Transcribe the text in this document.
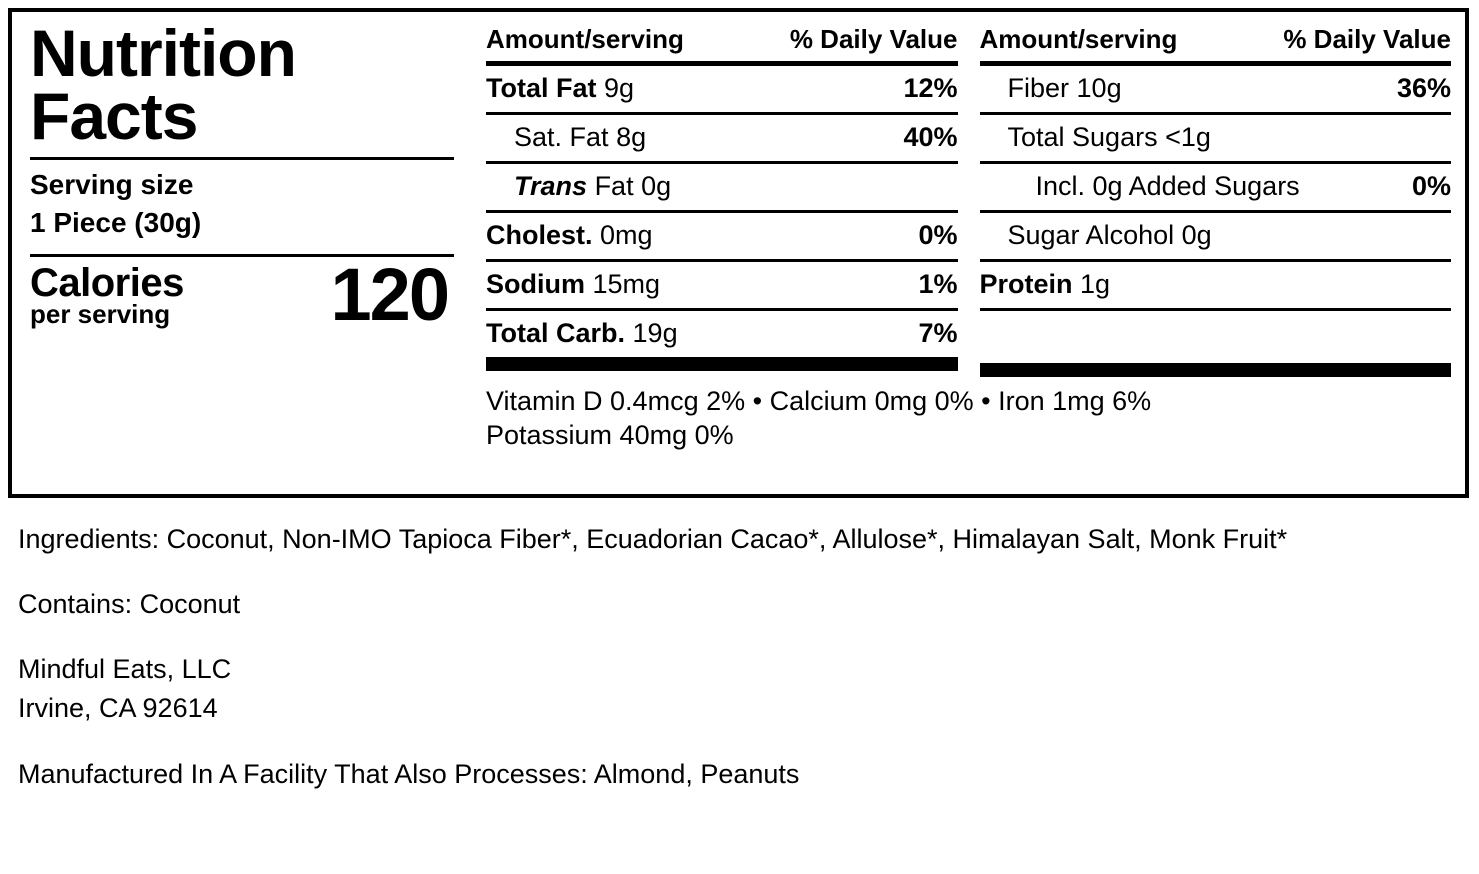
Nutrition Facts
Serving size
1 Piece (30g)
Calories
per serving 120
Amount/serving	% Daily Value
Total Fat 9g	12%
Sat. Fat 8g	40%
Trans Fat 0g
Cholest. 0mg	0%
Sodium 15mg	1%
Total Carb. 19g	7%
Amount/serving	% Daily Value
Fiber 10g	36%
Total Sugars <1g
Incl. 0g Added Sugars	0%
Sugar Alcohol 0g
Protein 1g
Vitamin D 0.4mcg 2% • Calcium 0mg 0% • Iron 1mg 6%
Potassium 40mg 0%
Ingredients: Coconut, Non-IMO Tapioca Fiber*, Ecuadorian Cacao*, Allulose*, Himalayan Salt, Monk Fruit*
Contains: Coconut
Mindful Eats, LLC
Irvine, CA 92614
Manufactured In A Facility That Also Processes: Almond, Peanuts
